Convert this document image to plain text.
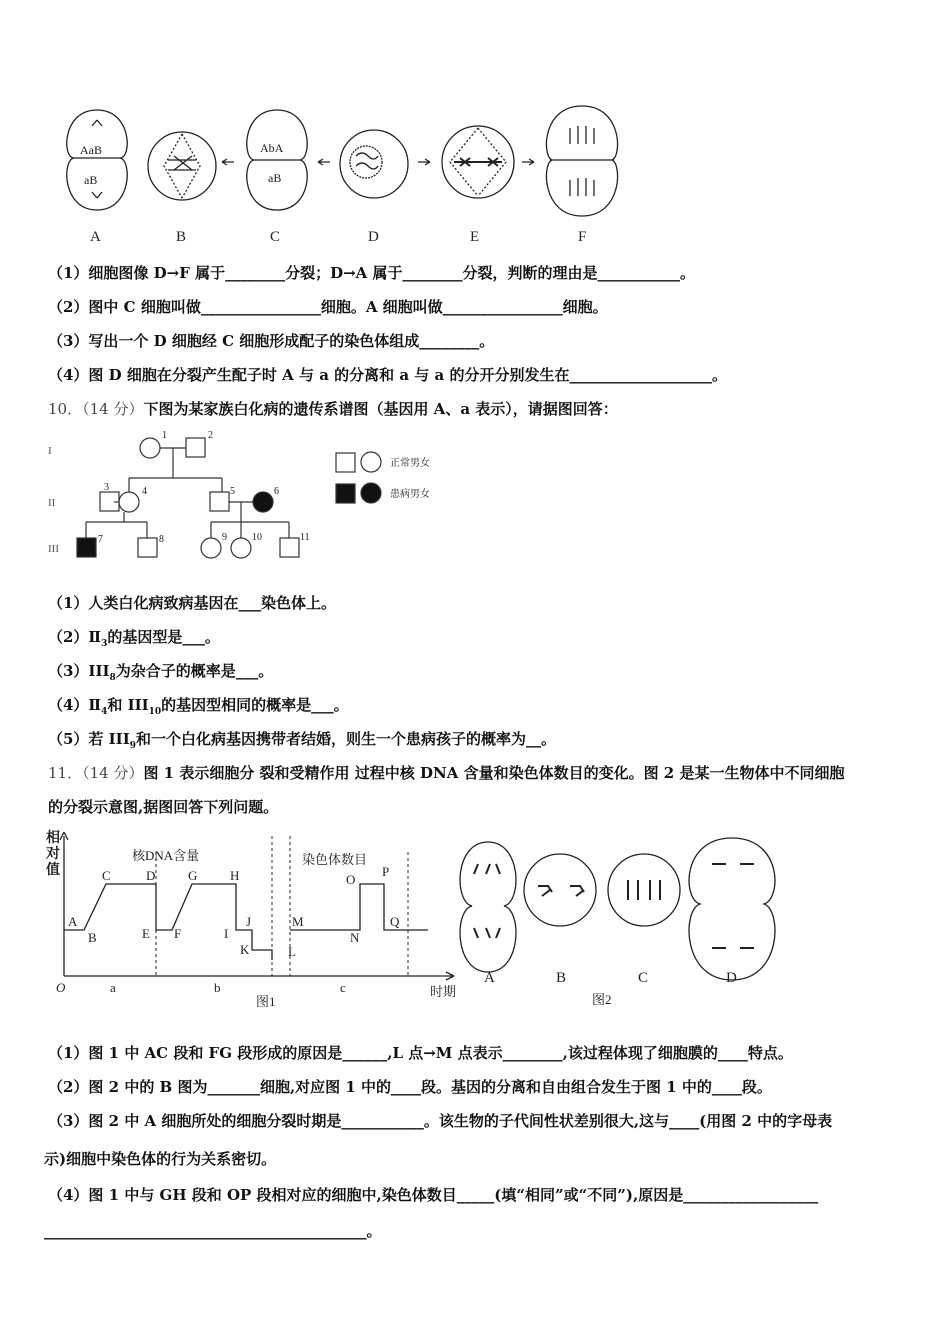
AaB
aB
AbA
aB
A	B	C	D	E	F
（1）细胞图像 D→F 属于________分裂；D→A 属于________分裂，判断的理由是___________。
（2）图中 C 细胞叫做________________细胞。A 细胞叫做________________细胞。
（3）写出一个 D 细胞经 C 细胞形成配子的染色体组成________。
（4）图 D 细胞在分裂产生配子时 A 与 a 的分离和 a 与 a 的分开分别发生在___________________。
10．（14 分）下图为某家族白化病的遗传系谱图（基因用 A、a 表示），请据图回答：
I
II
III
1	2
3	4	5	6
7	8	9	10	11
正常男女
患病男女
（1）人类白化病致病基因在___染色体上。
$(2)Ⅱ_3$的基因型是___。
$(3)III_8$为杂合子的概率是___。
$(4)Ⅱ_4$和 $III_{10}$的基因型相同的概率是___。
（5）若 $III_9$和一个白化病基因携带者结婚，则生一个患病孩子的概率为__。
11．（14 分）图 1 表示细胞分 裂和受精作用 过程中核 DNA 含量和染色体数目的变化。图 2 是某一生物体中不同细胞
的分裂示意图,据图回答下列问题。
相
对
值
O	时期
核DNA含量	染色体数目
A
B
C	D
E F
G	H
I
J
K	L
M
N
O
P
Q
a	b	c
图1
A	B	C	D
图2
（1）图 1 中 AC 段和 FG 段形成的原因是______,L 点→M 点表示________,该过程体现了细胞膜的____特点。
（2）图 2 中的 B 图为_______细胞,对应图 1 中的____段。基因的分离和自由组合发生于图 1 中的____段。
（3）图 2 中 A 细胞所处的细胞分裂时期是___________。该生物的子代间性状差别很大,这与____(用图 2 中的字母表
示)细胞中染色体的行为关系密切。
（4）图 1 中与 GH 段和 OP 段相对应的细胞中,染色体数目_____(填“相同”或“不同”),原因是__________________
___________________________________________。
